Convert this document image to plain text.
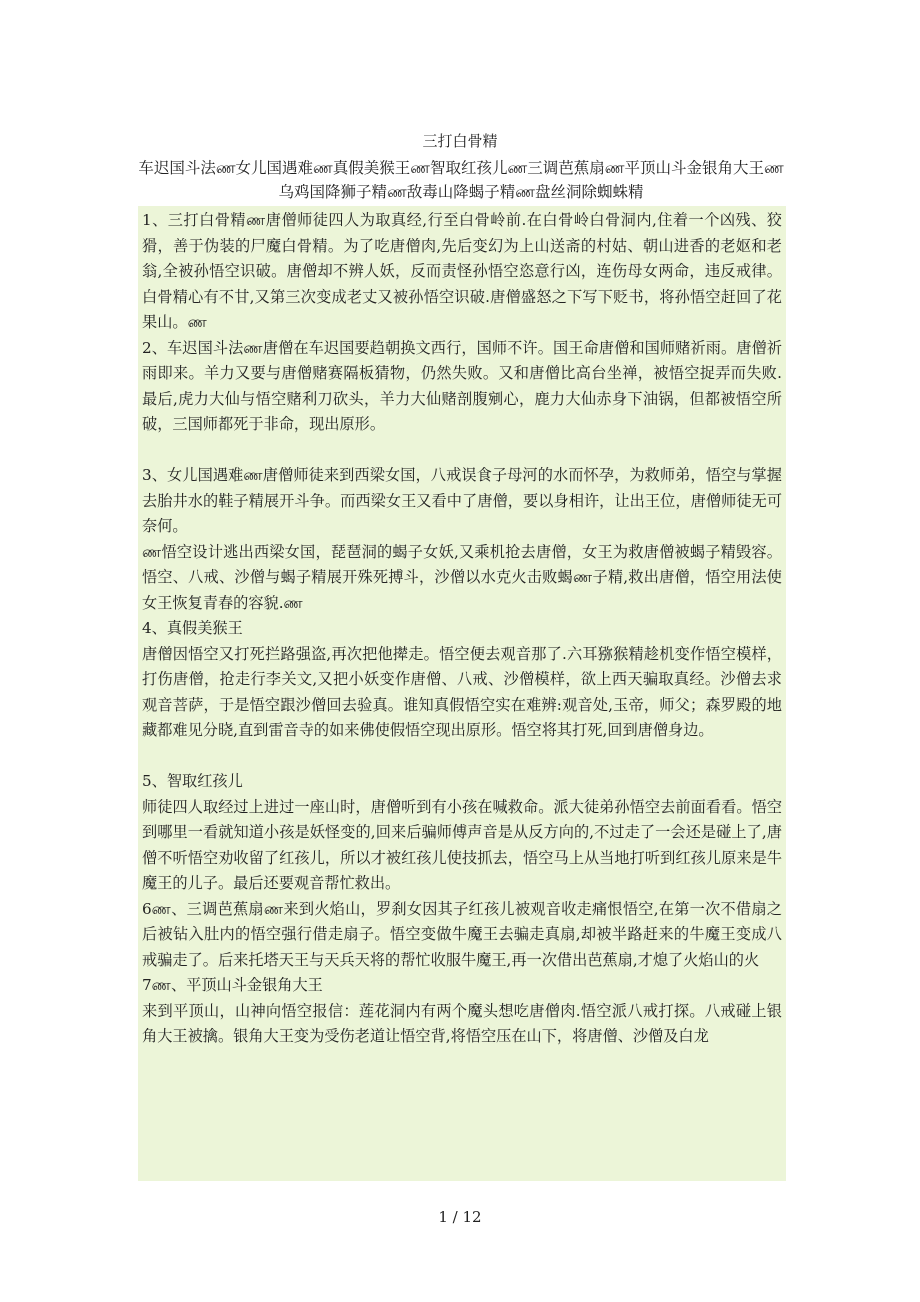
三打白骨精
车迟国斗法ண女儿国遇难ண真假美猴王ண智取红孩儿ண三调芭蕉扇ண平顶山斗金银角大王ண乌鸡国降狮子精ண敌毒山降蝎子精ண盘丝洞除蜘蛛精

1、三打白骨精ண唐僧师徒四人为取真经,行至白骨岭前.在白骨岭白骨洞内,住着一个凶残、狡猾，善于伪装的尸魔白骨精。为了吃唐僧肉,先后变幻为上山送斋的村姑、朝山进香的老妪和老翁,全被孙悟空识破。唐僧却不辨人妖，反而责怪孙悟空恣意行凶，连伤母女两命，违反戒律。白骨精心有不甘,又第三次变成老丈又被孙悟空识破.唐僧盛怒之下写下贬书，将孙悟空赶回了花果山。ண

2、车迟国斗法ண唐僧在车迟国要趋朝换文西行，国师不许。国王命唐僧和国师赌祈雨。唐僧祈雨即来。羊力又要与唐僧赌赛隔板猜物，仍然失败。又和唐僧比高台坐禅，被悟空捉弄而失败.最后,虎力大仙与悟空赌利刀砍头，羊力大仙赌剖腹剜心，鹿力大仙赤身下油锅，但都被悟空所破，三国师都死于非命，现出原形。

3、女儿国遇难ண唐僧师徒来到西梁女国，八戒误食子母河的水而怀孕，为救师弟，悟空与掌握去胎井水的鞋子精展开斗争。而西梁女王又看中了唐僧，要以身相许，让出王位，唐僧师徒无可奈何。

ண悟空设计逃出西梁女国，琵琶洞的蝎子女妖,又乘机抢去唐僧，女王为救唐僧被蝎子精毁容。悟空、八戒、沙僧与蝎子精展开殊死搏斗，沙僧以水克火击败蝎ண子精,救出唐僧，悟空用法使女王恢复青春的容貌.ண

4、真假美猴王

唐僧因悟空又打死拦路强盗,再次把他撵走。悟空便去观音那了.六耳猕猴精趁机变作悟空模样，打伤唐僧，抢走行李关文,又把小妖变作唐僧、八戒、沙僧模样，欲上西天骗取真经。沙僧去求观音菩萨，于是悟空跟沙僧回去验真。谁知真假悟空实在难辨:观音处,玉帝，师父；森罗殿的地藏都难见分晓,直到雷音寺的如来佛使假悟空现出原形。悟空将其打死,回到唐僧身边。

5、智取红孩儿

师徒四人取经过上进过一座山时，唐僧听到有小孩在喊救命。派大徒弟孙悟空去前面看看。悟空到哪里一看就知道小孩是妖怪变的,回来后骗师傅声音是从反方向的,不过走了一会还是碰上了,唐僧不听悟空劝收留了红孩儿，所以才被红孩儿使技抓去，悟空马上从当地打听到红孩儿原来是牛魔王的儿子。最后还要观音帮忙救出。

6ண、三调芭蕉扇ண来到火焰山，罗刹女因其子红孩儿被观音收走痛恨悟空,在第一次不借扇之后被钻入肚内的悟空强行借走扇子。悟空变做牛魔王去骗走真扇,却被半路赶来的牛魔王变成八戒骗走了。后来托塔天王与天兵天将的帮忙收服牛魔王,再一次借出芭蕉扇,才熄了火焰山的火

7ண、平顶山斗金银角大王

来到平顶山，山神向悟空报信：莲花洞内有两个魔头想吃唐僧肉.悟空派八戒打探。八戒碰上银角大王被擒。银角大王变为受伤老道让悟空背,将悟空压在山下，将唐僧、沙僧及白龙

1 / 12
